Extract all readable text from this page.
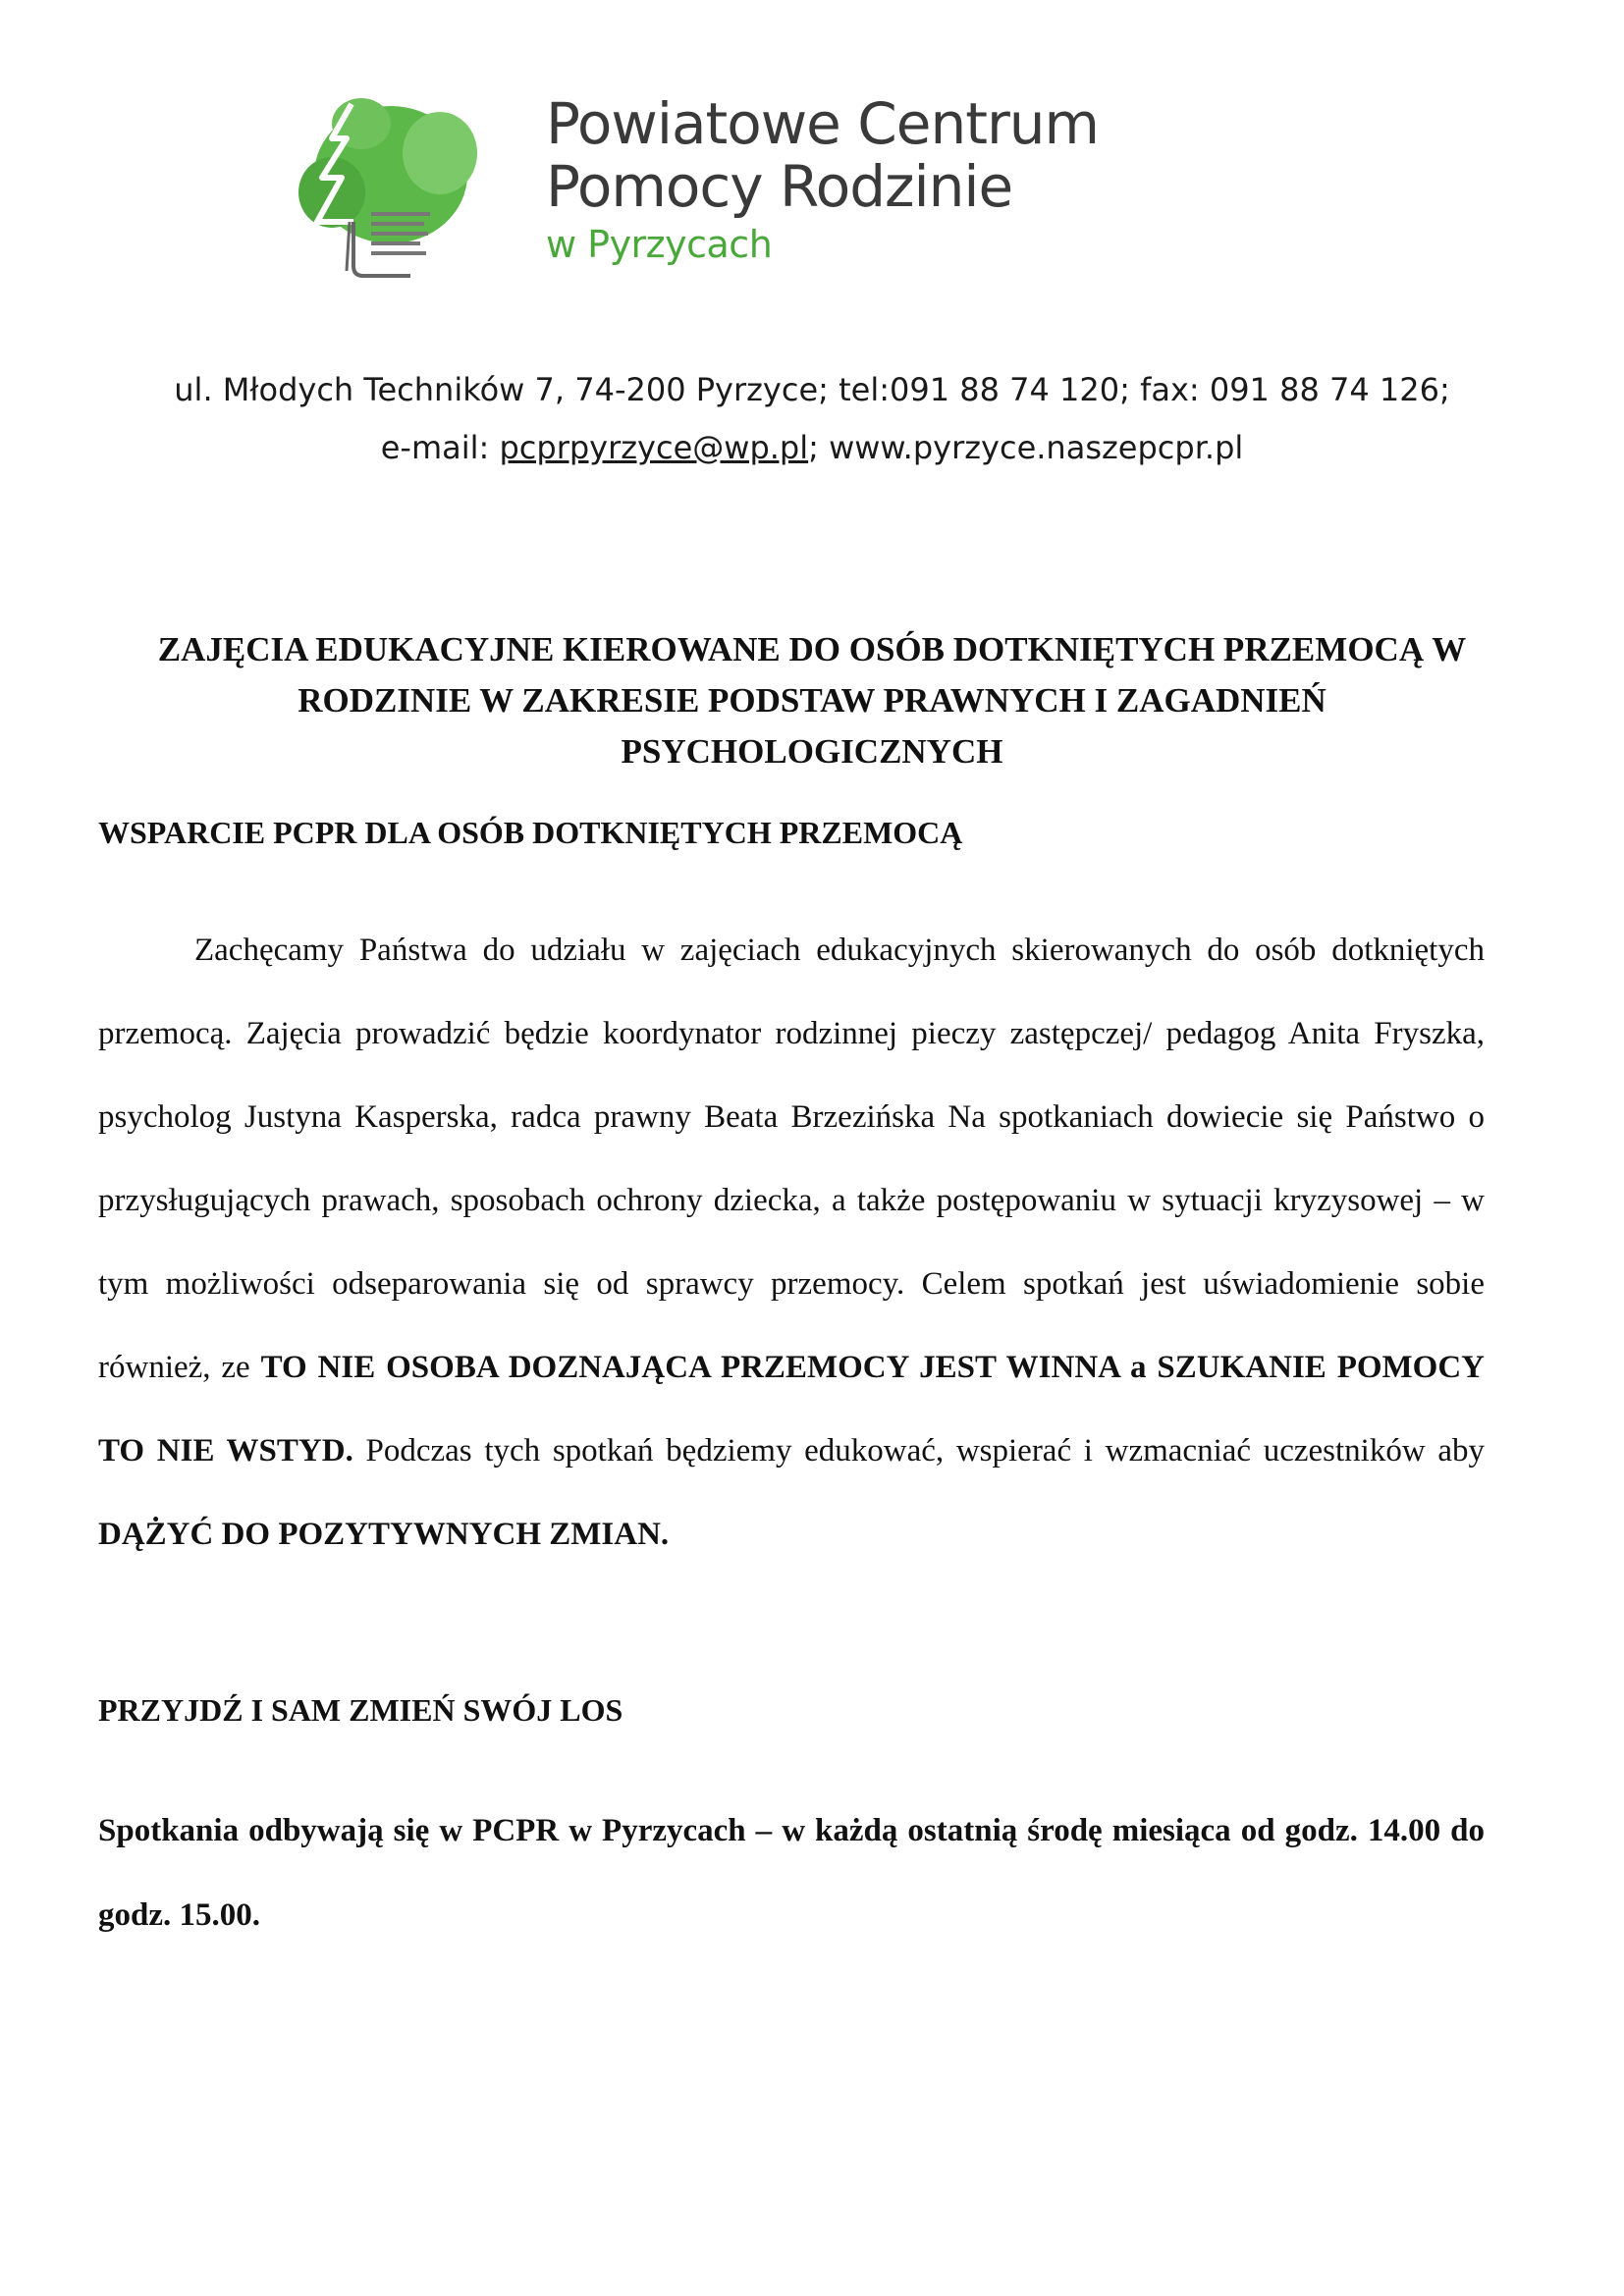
Powiatowe Centrum
Pomocy Rodzinie
w Pyrzycach
ul. Młodych Techników 7, 74-200 Pyrzyce; tel:091 88 74 120; fax: 091 88 74 126;
e-mail: pcprpyrzyce@wp.pl; www.pyrzyce.naszepcpr.pl
ZAJĘCIA EDUKACYJNE KIEROWANE DO OSÓB DOTKNIĘTYCH PRZEMOCĄ W RODZINIE W ZAKRESIE PODSTAW PRAWNYCH I ZAGADNIEŃ PSYCHOLOGICZNYCH
WSPARCIE PCPR DLA OSÓB DOTKNIĘTYCH PRZEMOCĄ

Zachęcamy Państwa do udziału w zajęciach edukacyjnych skierowanych do osób dotkniętych przemocą. Zajęcia prowadzić będzie koordynator rodzinnej pieczy zastępczej/ pedagog Anita Fryszka, psycholog Justyna Kasperska, radca prawny Beata Brzezińska Na spotkaniach dowiecie się Państwo o przysługujących prawach, sposobach ochrony dziecka, a także postępowaniu w sytuacji kryzysowej – w tym możliwości odseparowania się od sprawcy przemocy. Celem spotkań jest uświadomienie sobie również, ze TO NIE OSOBA DOZNAJĄCA PRZEMOCY JEST WINNA a SZUKANIE POMOCY TO NIE WSTYD. Podczas tych spotkań będziemy edukować, wspierać i wzmacniać uczestników aby DĄŻYĆ DO POZYTYWNYCH ZMIAN.

PRZYJDŹ I SAM ZMIEŃ SWÓJ LOS

Spotkania odbywają się w PCPR w Pyrzycach – w każdą ostatnią środę miesiąca od godz. 14.00 do godz. 15.00.
